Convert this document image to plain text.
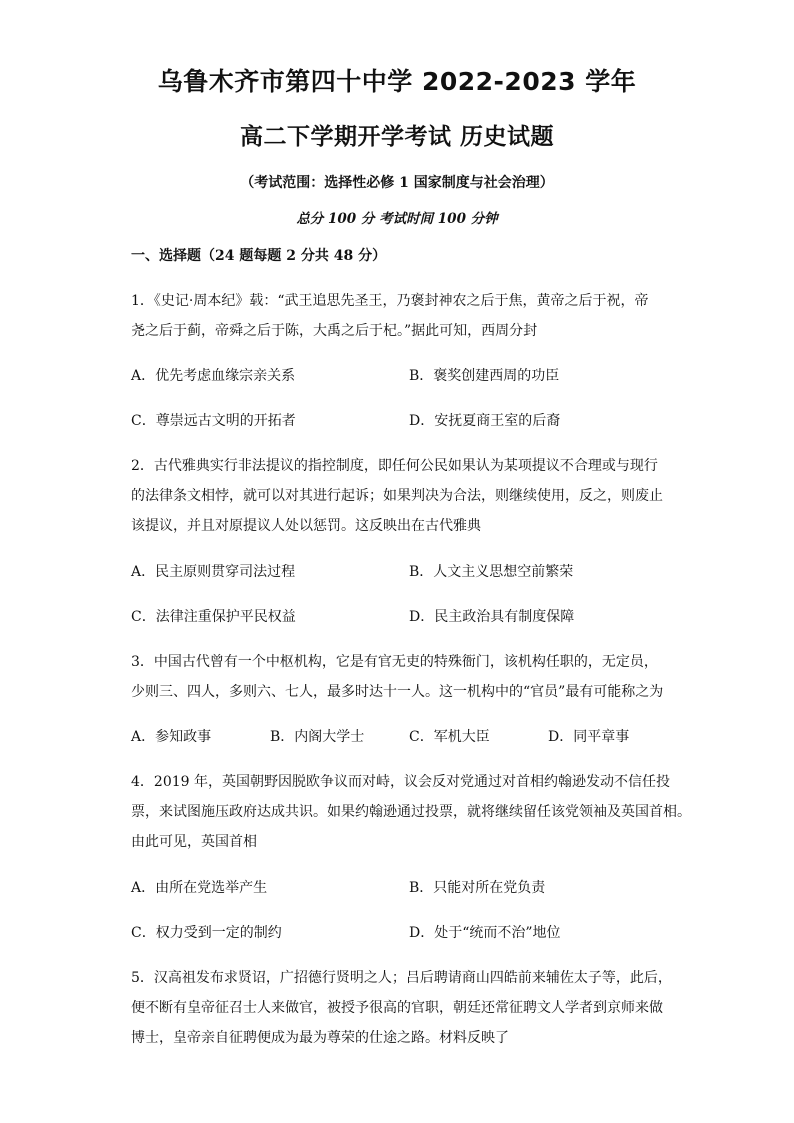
乌鲁木齐市第四十中学 2022-2023 学年
高二下学期开学考试 历史试题
（考试范围：选择性必修 1 国家制度与社会治理）
总分 100 分 考试时间 100 分钟
一、选择题（24 题每题 2 分共 48 分）
1．《史记·周本纪》载：“武王追思先圣王，乃褒封神农之后于焦，黄帝之后于祝，帝
尧之后于蓟，帝舜之后于陈，大禹之后于杞。”据此可知，西周分封
A．优先考虑血缘宗亲关系	B．褒奖创建西周的功臣
C．尊崇远古文明的开拓者	D．安抚夏商王室的后裔
2．古代雅典实行非法提议的指控制度，即任何公民如果认为某项提议不合理或与现行
的法律条文相悖，就可以对其进行起诉；如果判决为合法，则继续使用，反之，则废止
该提议，并且对原提议人处以惩罚。这反映出在古代雅典
A．民主原则贯穿司法过程	B．人文主义思想空前繁荣
C．法律注重保护平民权益	D．民主政治具有制度保障
3．中国古代曾有一个中枢机构，它是有官无吏的特殊衙门，该机构任职的，无定员，
少则三、四人，多则六、七人，最多时达十一人。这一机构中的“官员”最有可能称之为
A．参知政事	B．内阁大学士	C．军机大臣	D．同平章事
4．2019 年，英国朝野因脱欧争议而对峙，议会反对党通过对首相约翰逊发动不信任投
票，来试图施压政府达成共识。如果约翰逊通过投票，就将继续留任该党领袖及英国首相。
由此可见，英国首相
A．由所在党选举产生	B．只能对所在党负责
C．权力受到一定的制约	D．处于“统而不治”地位
5．汉高祖发布求贤诏，广招德行贤明之人；吕后聘请商山四皓前来辅佐太子等，此后，
便不断有皇帝征召士人来做官，被授予很高的官职，朝廷还常征聘文人学者到京师来做
博士，皇帝亲自征聘便成为最为尊荣的仕途之路。材料反映了
